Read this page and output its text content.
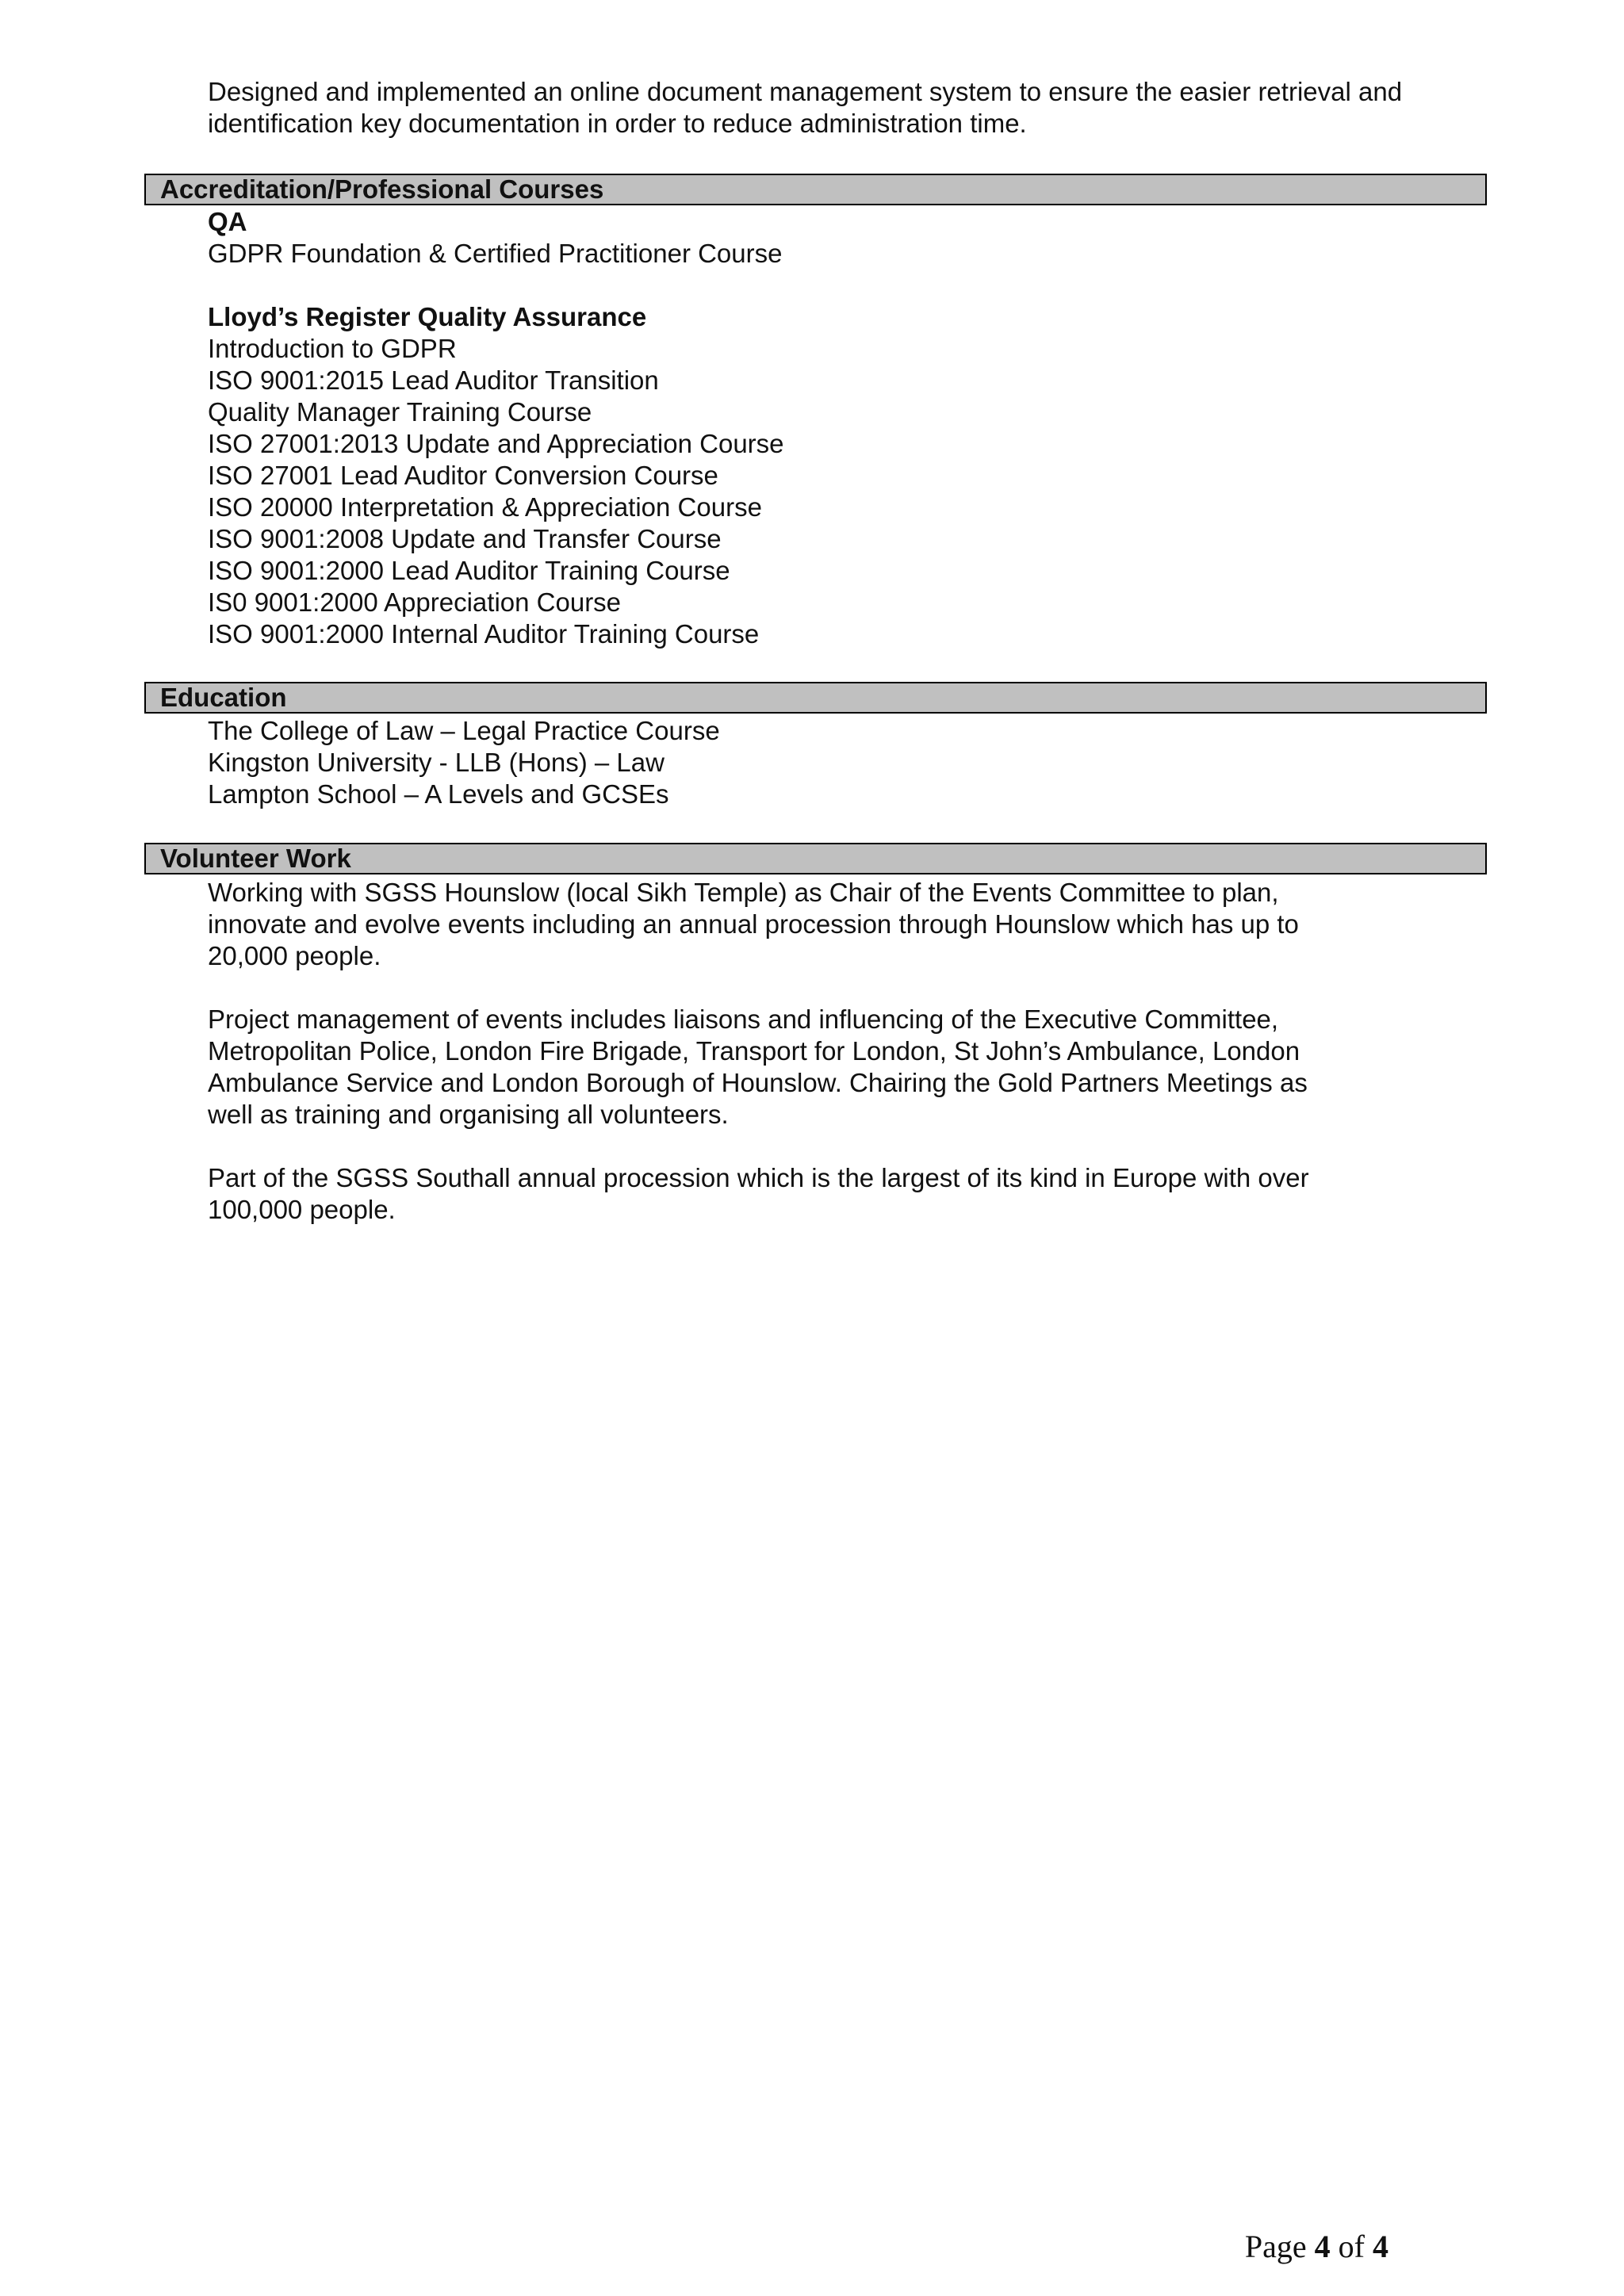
Designed and implemented an online document management system to ensure the easier retrieval and
identification key documentation in order to reduce administration time.
Accreditation/Professional Courses
QA
GDPR Foundation & Certified Practitioner Course
Lloyd’s Register Quality Assurance
Introduction to GDPR
ISO 9001:2015 Lead Auditor Transition
Quality Manager Training Course
ISO 27001:2013 Update and Appreciation Course
ISO 27001 Lead Auditor Conversion Course
ISO 20000 Interpretation & Appreciation Course
ISO 9001:2008 Update and Transfer Course
ISO 9001:2000 Lead Auditor Training Course
IS0 9001:2000 Appreciation Course
ISO 9001:2000 Internal Auditor Training Course
Education
The College of Law – Legal Practice Course
Kingston University - LLB (Hons) – Law
Lampton School – A Levels and GCSEs
Volunteer Work

Working with SGSS Hounslow (local Sikh Temple) as Chair of the Events Committee to plan,
innovate and evolve events including an annual procession through Hounslow which has up to
20,000 people.

Project management of events includes liaisons and influencing of the Executive Committee,
Metropolitan Police, London Fire Brigade, Transport for London, St John’s Ambulance, London
Ambulance Service and London Borough of Hounslow. Chairing the Gold Partners Meetings as
well as training and organising all volunteers.

Part of the SGSS Southall annual procession which is the largest of its kind in Europe with over
100,000 people.

Page 4 of 4
